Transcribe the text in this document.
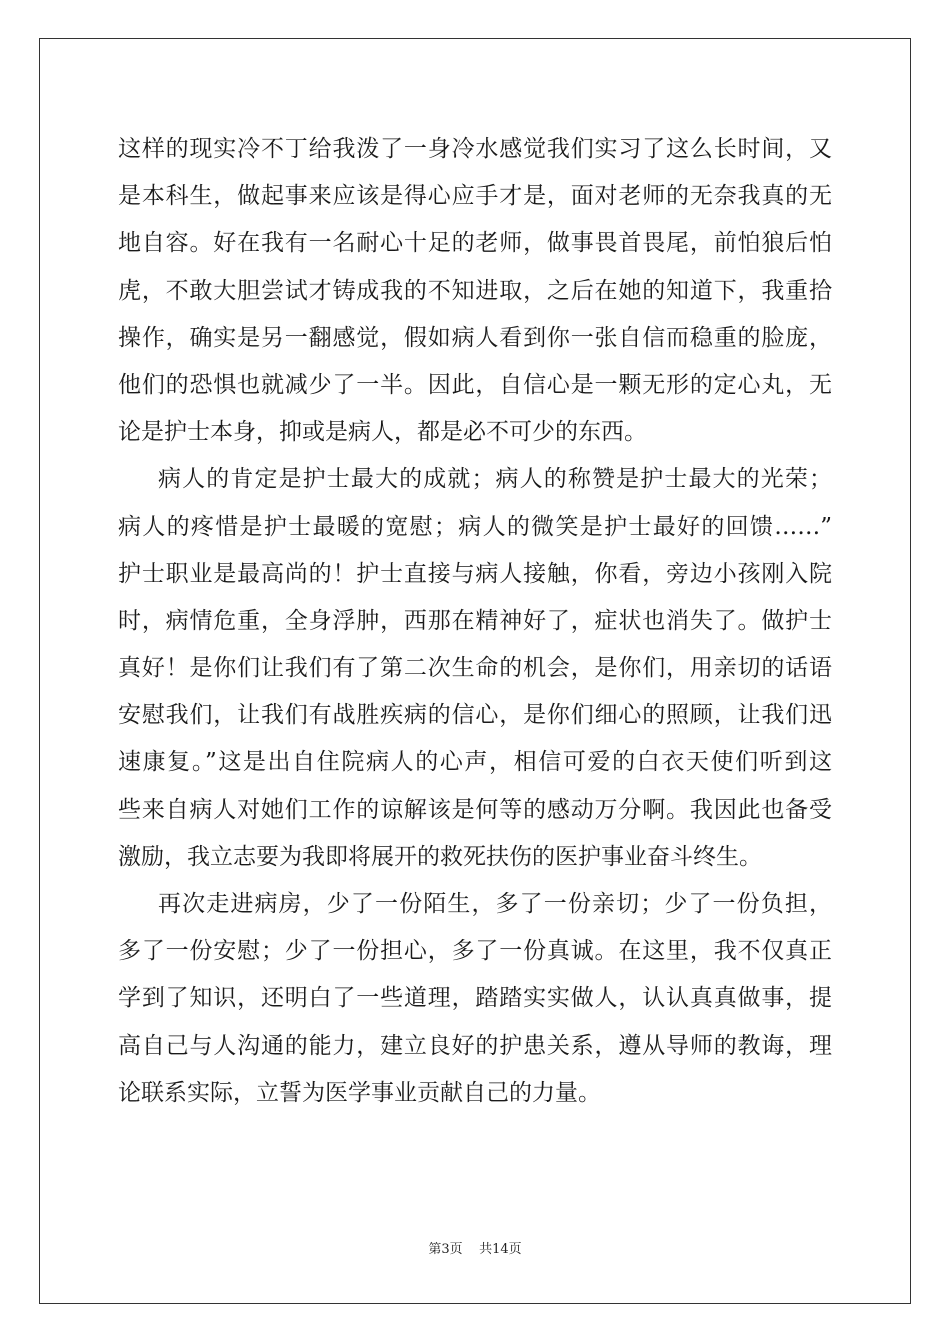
这样的现实冷不丁给我泼了一身冷水感觉我们实习了这么长时间，又
是本科生，做起事来应该是得心应手才是，面对老师的无奈我真的无
地自容。好在我有一名耐心十足的老师，做事畏首畏尾，前怕狼后怕
虎，不敢大胆尝试才铸成我的不知进取，之后在她的知道下，我重拾
操作，确实是另一翻感觉，假如病人看到你一张自信而稳重的脸庞，
他们的恐惧也就减少了一半。因此，自信心是一颗无形的定心丸，无
论是护士本身，抑或是病人，都是必不可少的东西。
病人的肯定是护士最大的成就；病人的称赞是护士最大的光荣；
病人的疼惜是护士最暖的宽慰；病人的微笑是护士最好的回馈……”
护士职业是最高尚的！护士直接与病人接触，你看，旁边小孩刚入院
时，病情危重，全身浮肿，西那在精神好了，症状也消失了。做护士
真好！是你们让我们有了第二次生命的机会，是你们，用亲切的话语
安慰我们，让我们有战胜疾病的信心，是你们细心的照顾，让我们迅
速康复。”这是出自住院病人的心声，相信可爱的白衣天使们听到这
些来自病人对她们工作的谅解该是何等的感动万分啊。我因此也备受
激励，我立志要为我即将展开的救死扶伤的医护事业奋斗终生。
再次走进病房，少了一份陌生，多了一份亲切；少了一份负担，
多了一份安慰；少了一份担心，多了一份真诚。在这里，我不仅真正
学到了知识，还明白了一些道理，踏踏实实做人，认认真真做事，提
高自己与人沟通的能力，建立良好的护患关系，遵从导师的教诲，理
论联系实际，立誓为医学事业贡献自己的力量。
第3页 共14页
